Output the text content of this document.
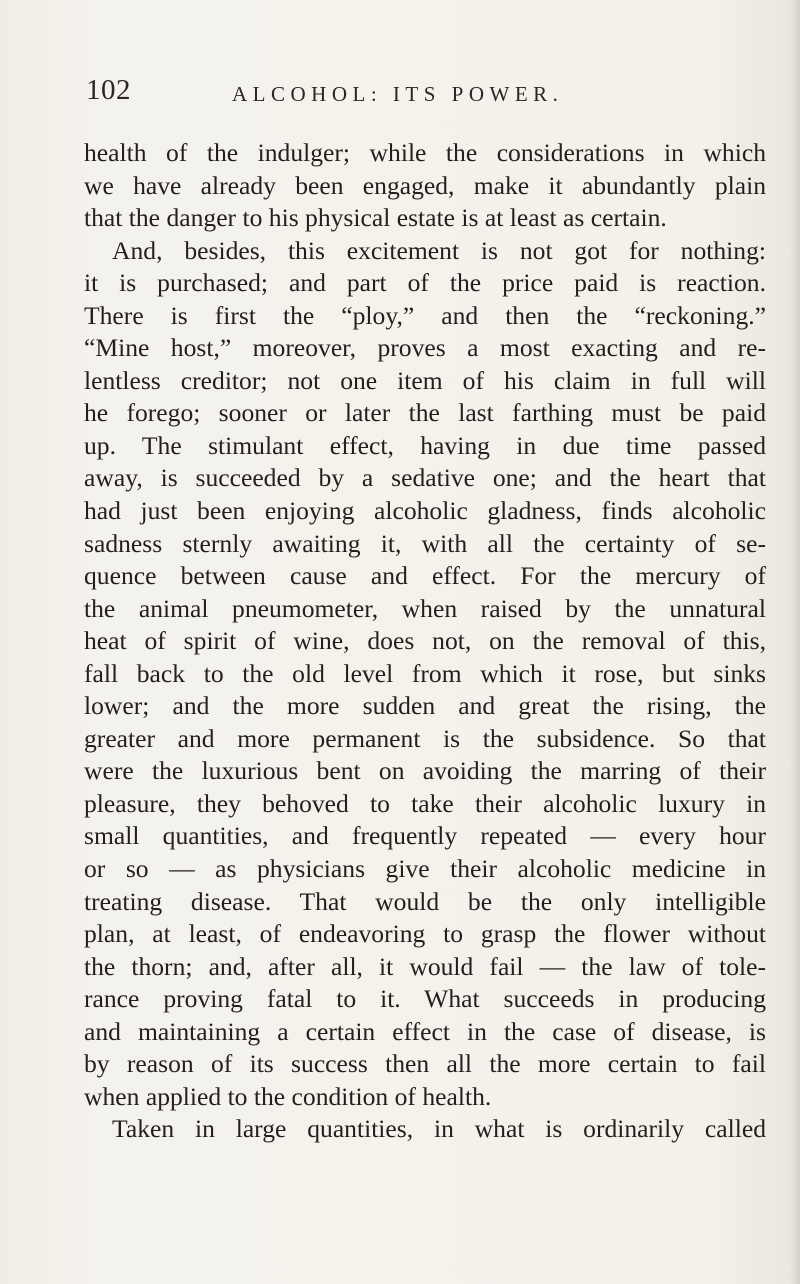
102	ALCOHOL: ITS POWER.
health of the indulger; while the considerations in which
we have already been engaged, make it abundantly plain
that the danger to his physical estate is at least as certain.
And, besides, this excitement is not got for nothing:
it is purchased; and part of the price paid is reaction.
There is first the “ploy,” and then the “reckoning.”
“Mine host,” moreover, proves a most exacting and re-
lentless creditor; not one item of his claim in full will
he forego; sooner or later the last farthing must be paid
up. The stimulant effect, having in due time passed
away, is succeeded by a sedative one; and the heart that
had just been enjoying alcoholic gladness, finds alcoholic
sadness sternly awaiting it, with all the certainty of se-
quence between cause and effect. For the mercury of
the animal pneumometer, when raised by the unnatural
heat of spirit of wine, does not, on the removal of this,
fall back to the old level from which it rose, but sinks
lower; and the more sudden and great the rising, the
greater and more permanent is the subsidence. So that
were the luxurious bent on avoiding the marring of their
pleasure, they behoved to take their alcoholic luxury in
small quantities, and frequently repeated — every hour
or so — as physicians give their alcoholic medicine in
treating disease. That would be the only intelligible
plan, at least, of endeavoring to grasp the flower without
the thorn; and, after all, it would fail — the law of tole-
rance proving fatal to it. What succeeds in producing
and maintaining a certain effect in the case of disease, is
by reason of its success then all the more certain to fail
when applied to the condition of health.
Taken in large quantities, in what is ordinarily called
